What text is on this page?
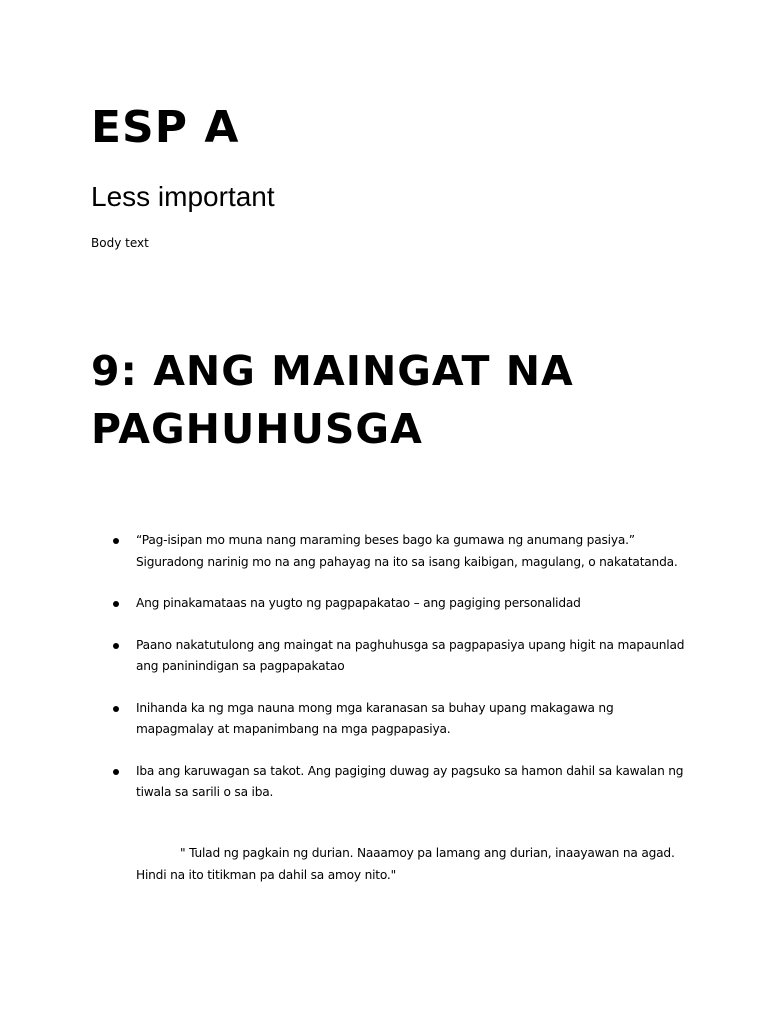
ESP A
Less important
Body text
9: ANG MAINGAT NA PAGHUHUSGA
“Pag-isipan mo muna nang maraming beses bago ka gumawa ng anumang pasiya.” Siguradong narinig mo na ang pahayag na ito sa isang kaibigan, magulang, o nakatatanda.
Ang pinakamataas na yugto ng pagpapakatao – ang pagiging personalidad
Paano nakatutulong ang maingat na paghuhusga sa pagpapasiya upang higit na mapaunlad ang paninindigan sa pagpapakatao
Inihanda ka ng mga nauna mong mga karanasan sa buhay upang makagawa ng mapagmalay at mapanimbang na mga pagpapasiya.
Iba ang karuwagan sa takot. Ang pagiging duwag ay pagsuko sa hamon dahil sa kawalan ng tiwala sa sarili o sa iba.

" Tulad ng pagkain ng durian. Naaamoy pa lamang ang durian, inaayawan na agad. Hindi na ito titikman pa dahil sa amoy nito."
